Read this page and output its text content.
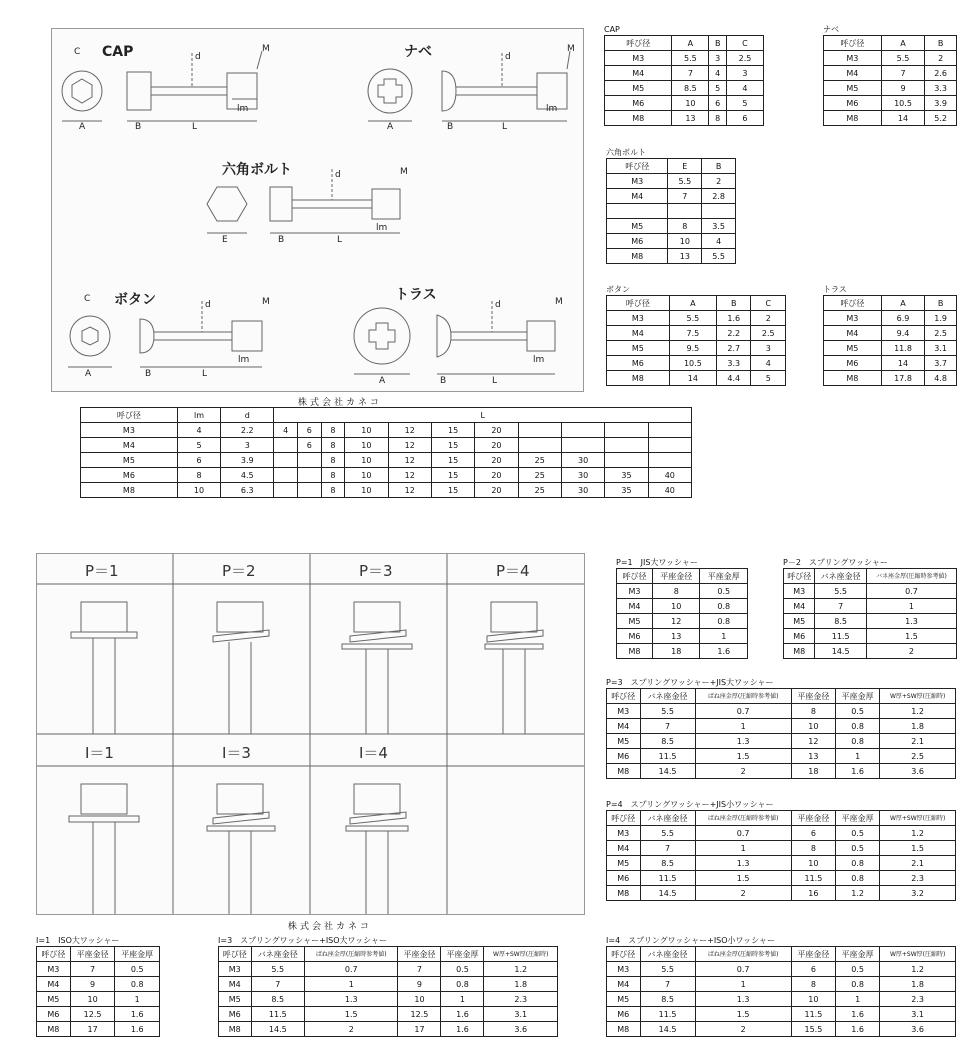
CAP
C	M
A	B	L
lm
d	ナベ	M
A	B	L
lm
d
六角ボルト	M
E	B	L
lm
d
ボタン
C	M
A	B	L
lm
d
トラス	M
A	B	L
lm
d
株式会社カネコ
P＝1	P＝2	P＝3	P＝4
I＝1	I＝3	I＝4
株式会社カネコ
CAP
呼び径	A	B	C
M3	5.5	3	2.5
M4	7	4	3
M5	8.5	5	4
M6	10	6	5
M8	13	8	6
ナベ
呼び径	A	B
M3	5.5	2
M4	7	2.6
M5	9	3.3
M6	10.5	3.9
M8	14	5.2
六角ボルト
呼び径	E	B
M3	5.5	2
M4	7	2.8

M5	8	3.5
M6	10	4
M8	13	5.5
ボタン
呼び径	A	B	C
M3	5.5	1.6	2
M4	7.5	2.2	2.5
M5	9.5	2.7	3
M6	10.5	3.3	4
M8	14	4.4	5
トラス
呼び径	A	B
M3	6.9	1.9
M4	9.4	2.5
M5	11.8	3.1
M6	14	3.7
M8	17.8	4.8
呼び径	lm	d	L										
M3	4	2.2	4	6	8	10	12	15	20				
M4	5	3		6	8	10	12	15	20				
M5	6	3.9			8	10	12	15	20	25	30		
M6	8	4.5			8	10	12	15	20	25	30	35	40
M8	10	6.3			8	10	12	15	20	25	30	35	40
P=1　JIS大ワッシャー
呼び径	平座金径	平座金厚
M3	8	0.5
M4	10	0.8
M5	12	0.8
M6	13	1
M8	18	1.6
P－2　スプリングワッシャー
呼び径	バネ座金径	バネ座金厚(圧縮時参考値)
M3	5.5	0.7
M4	7	1
M5	8.5	1.3
M6	11.5	1.5
M8	14.5	2
P=3　スプリングワッシャー+JIS大ワッシャー
呼び径	バネ座金径	ばね座金厚(圧縮時参考値)	平座金径	平座金厚	W厚+SW厚(圧縮時)
M3	5.5	0.7	8	0.5	1.2
M4	7	1	10	0.8	1.8
M5	8.5	1.3	12	0.8	2.1
M6	11.5	1.5	13	1	2.5
M8	14.5	2	18	1.6	3.6
P=4　スプリングワッシャー+JIS小ワッシャー
呼び径	バネ座金径	ばね座金厚(圧縮時参考値)	平座金径	平座金厚	W厚+SW厚(圧縮時)
M3	5.5	0.7	6	0.5	1.2
M4	7	1	8	0.5	1.5
M5	8.5	1.3	10	0.8	2.1
M6	11.5	1.5	11.5	0.8	2.3
M8	14.5	2	16	1.2	3.2
I=1　ISO大ワッシャー
呼び径	平座金径	平座金厚
M3	7	0.5
M4	9	0.8
M5	10	1
M6	12.5	1.6
M8	17	1.6
I=3　スプリングワッシャー+ISO大ワッシャー
呼び径	バネ座金径	ばね座金厚(圧縮時参考値)	平座金径	平座金厚	W厚+SW厚(圧縮時)
M3	5.5	0.7	7	0.5	1.2
M4	7	1	9	0.8	1.8
M5	8.5	1.3	10	1	2.3
M6	11.5	1.5	12.5	1.6	3.1
M8	14.5	2	17	1.6	3.6
I=4　スプリングワッシャー+ISO小ワッシャー
呼び径	バネ座金径	ばね座金厚(圧縮時参考値)	平座金径	平座金厚	W厚+SW厚(圧縮時)
M3	5.5	0.7	6	0.5	1.2
M4	7	1	8	0.8	1.8
M5	8.5	1.3	10	1	2.3
M6	11.5	1.5	11.5	1.6	3.1
M8	14.5	2	15.5	1.6	3.6
